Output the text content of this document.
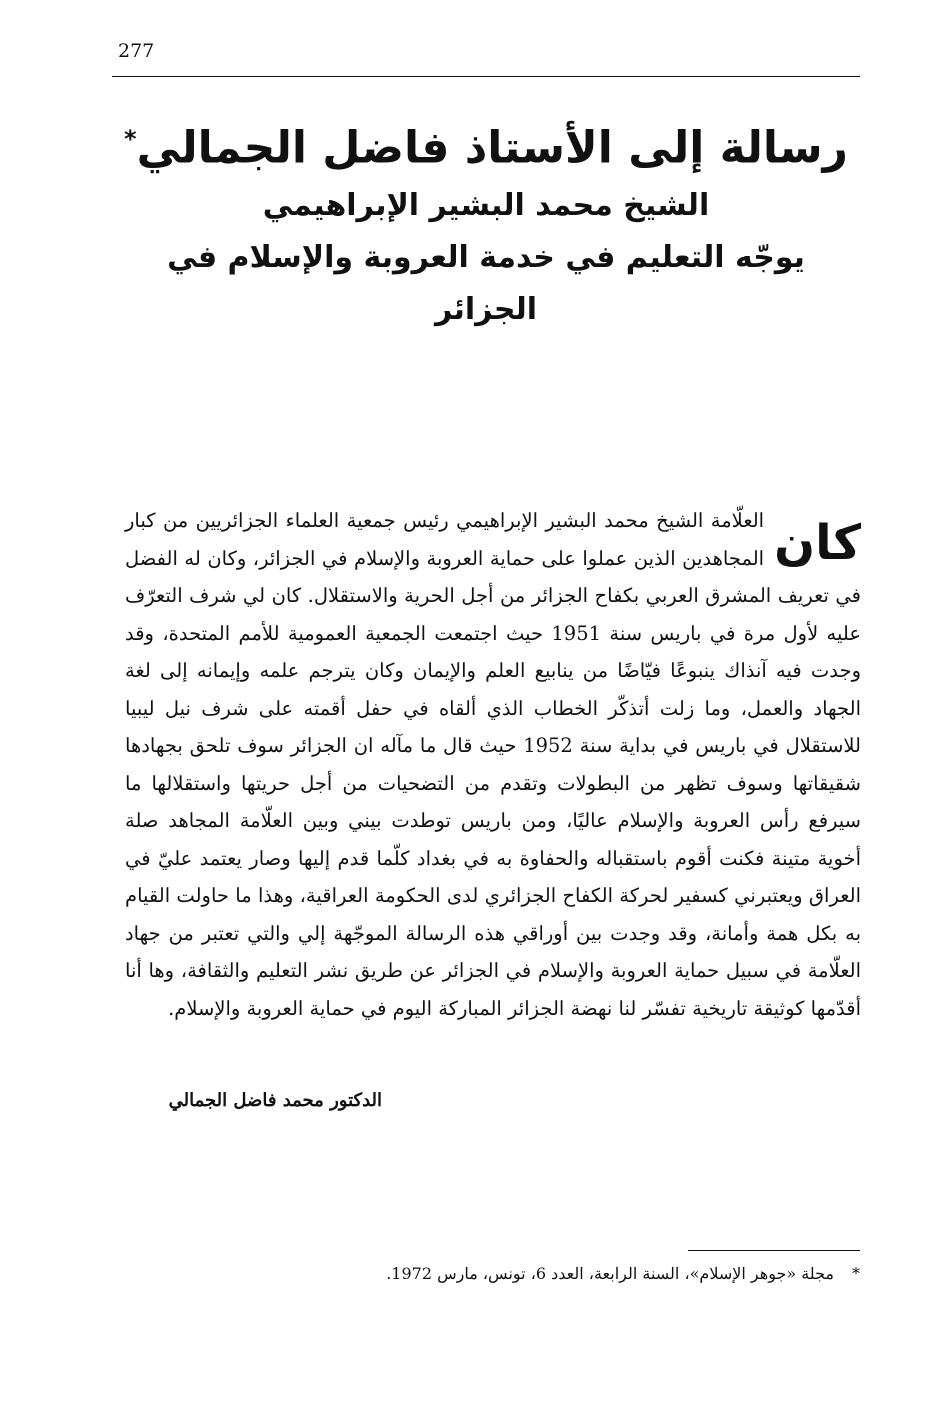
277
رسالة إلى الأستاذ فاضل الجمالي*
الشيخ محمد البشير الإبراهيمي
يوجّه التعليم في خدمة العروبة والإسلام في الجزائر
كان
العلّامة الشيخ محمد البشير الإبراهيمي رئيس جمعية العلماء الجزائريين من كبار المجاهدين الذين عملوا على حماية العروبة والإسلام في الجزائر، وكان له الفضل في تعريف المشرق العربي بكفاح الجزائر من أجل الحرية والاستقلال. كان لي شرف التعرّف عليه لأول مرة في باريس سنة 1951 حيث اجتمعت الجمعية العمومية للأمم المتحدة، وقد وجدت فيه آنذاك ينبوعًا فيّاضًا من ينابيع العلم والإيمان وكان يترجم علمه وإيمانه إلى لغة الجهاد والعمل، وما زلت أتذكّر الخطاب الذي ألقاه في حفل أقمته على شرف نيل ليبيا للاستقلال في باريس في بداية سنة 1952 حيث قال ما مآله ان الجزائر سوف تلحق بجهادها شقيقاتها وسوف تظهر من البطولات وتقدم من التضحيات من أجل حريتها واستقلالها ما سيرفع رأس العروبة والإسلام عاليًا، ومن باريس توطدت بيني وبين العلّامة المجاهد صلة أخوية متينة فكنت أقوم باستقباله والحفاوة به في بغداد كلّما قدم إليها وصار يعتمد عليّ في العراق ويعتبرني كسفير لحركة الكفاح الجزائري لدى الحكومة العراقية، وهذا ما حاولت القيام به بكل همة وأمانة، وقد وجدت بين أوراقي هذه الرسالة الموجّهة إلي والتي تعتبر من جهاد العلّامة في سبيل حماية العروبة والإسلام في الجزائر عن طريق نشر التعليم والثقافة، وها أنا أقدّمها كوثيقة تاريخية تفسّر لنا نهضة الجزائر المباركة اليوم في حماية العروبة والإسلام.
الدكتور محمد فاضل الجمالي
*مجلة «جوهر الإسلام»، السنة الرابعة، العدد 6، تونس، مارس 1972.
